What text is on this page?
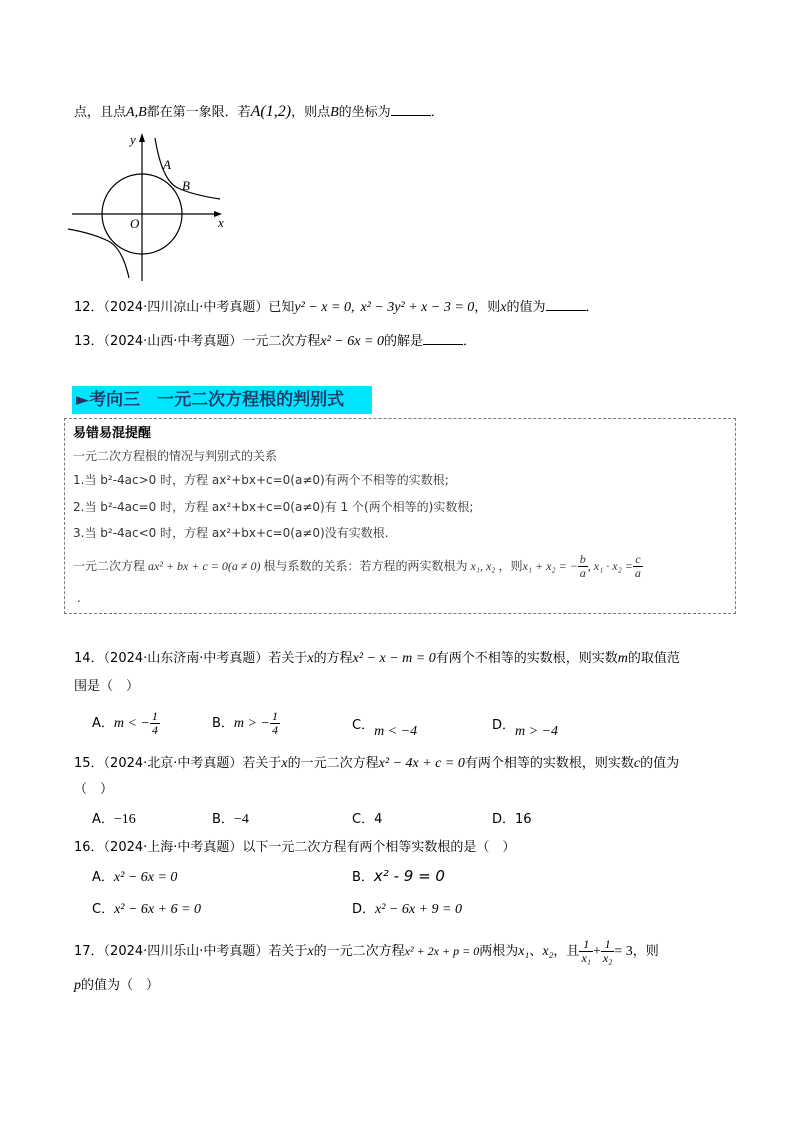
点，且点A,B都在第一象限．若A(1,2)，则点B的坐标为	．
y
x
O
A
B
12．（2024·四川凉山·中考真题）已知y² − x = 0, x² − 3y² + x − 3 = 0，则x的值为	．
13．（2024·山西·中考真题）一元二次方程x² − 6x = 0的解是	．
►考向三　一元二次方程根的判别式
易错易混提醒
一元二次方程根的情况与判别式的关系
1.当 b²-4ac>0 时，方程 ax²+bx+c=0(a≠0)有两个不相等的实数根;
2.当 b²-4ac=0 时，方程 ax²+bx+c=0(a≠0)有 1 个(两个相等的)实数根;
3.当 b²-4ac<0 时，方程 ax²+bx+c=0(a≠0)没有实数根.
一元二次方程 ax² + bx + c = 0(a ≠ 0) 根与系数的关系：若方程的两实数根为 x₁, x₂ ，则x₁ + x₂ = − $\frac{b}{a}$ , $x_1 \cdot x_2 = \frac{c}{a}$
.
14．（2024·山东济南·中考真题）若关于x的方程x² − x − m = 0有两个不相等的实数根，则实数m的取值范
围是（　）
A．m < − $\frac{1}{4}$	B．m > − $\frac{1}{4}$	C．m < −4	D．m > −4
15．（2024·北京·中考真题）若关于x的一元二次方程x² − 4x + c = 0有两个相等的实数根，则实数c的值为
（　）
A．−16	B．−4	C．4	D．16
16．（2024·上海·中考真题）以下一元二次方程有两个相等实数根的是（　）
A．x² − 6x = 0	B．x² - 9 = 0
C．x² − 6x + 6 = 0	D．x² − 6x + 9 = 0
17．（2024·四川乐山·中考真题）若关于x的一元二次方程x² + 2x + p = 0两根为x₁、x₂，且 $\frac{1}{\text{x₁}} + \frac{1}{\text{x₂}} = 3$，则
p的值为（　）
